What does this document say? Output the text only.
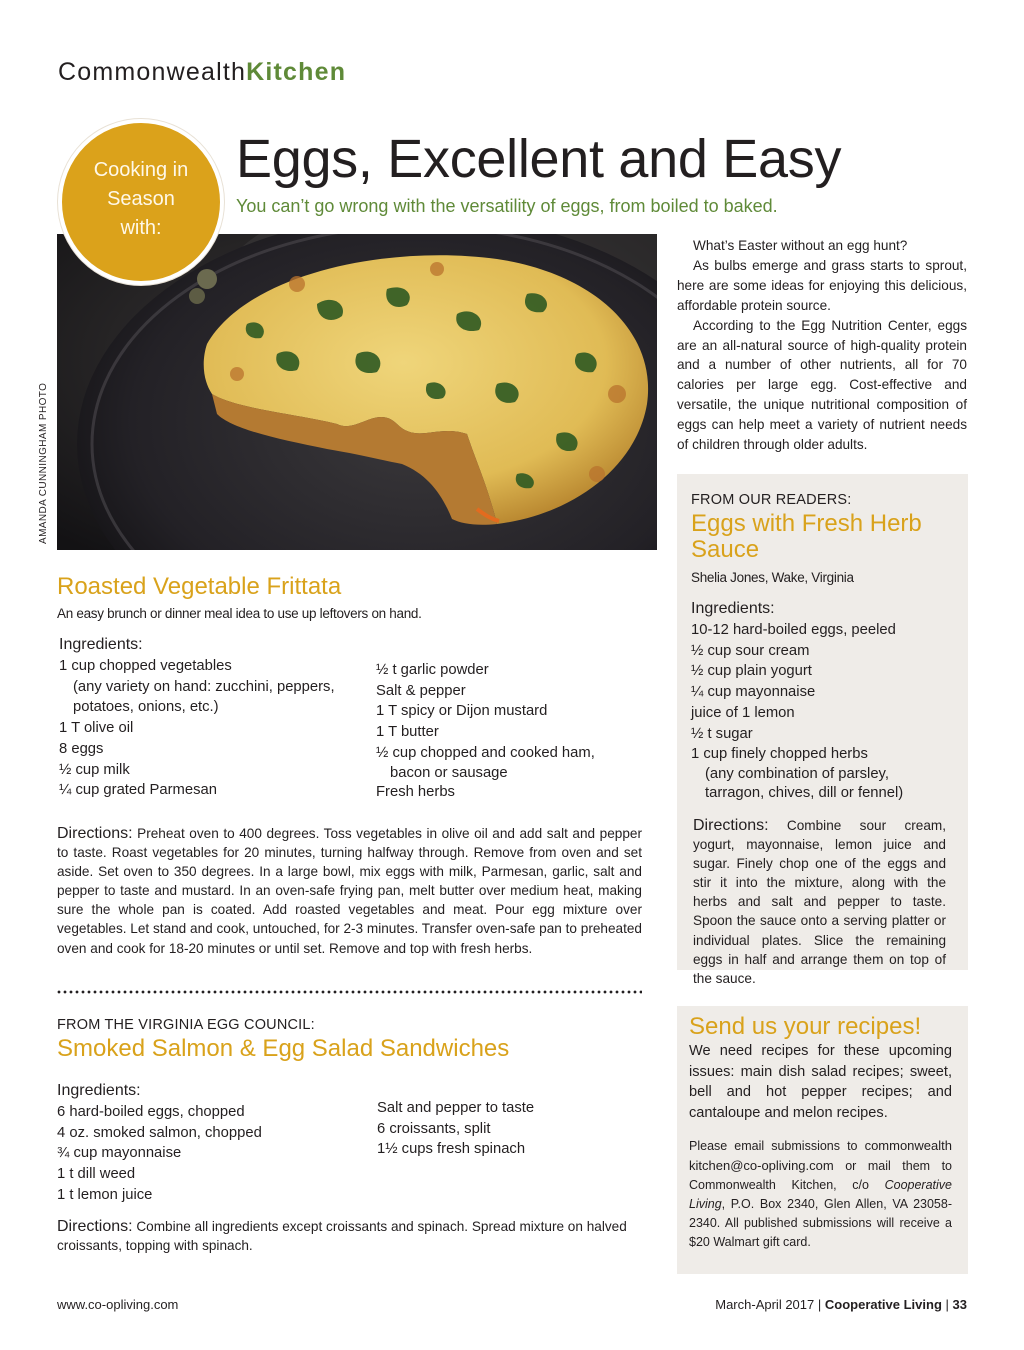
CommonwealthKitchen
Cooking in
Season
with:
Eggs, Excellent and Easy
You can’t go wrong with the versatility of eggs, from boiled to baked.
AMANDA CUNNINGHAM PHOTO

What’s Easter without an egg hunt?

As bulbs emerge and grass starts to sprout, here are some ideas for enjoying this delicious, affordable protein source.

According to the Egg Nutrition Center, eggs are an all-natural source of high-quality protein and a number of other nutrients, all for 70 calories per large egg. Cost-effective and versatile, the unique nutritional composition of eggs can help meet a variety of nutrient needs of children through older adults.

Roasted Vegetable Frittata
An easy brunch or dinner meal idea to use up leftovers on hand.
Ingredients:
1 cup chopped vegetables
(any variety on hand: zucchini, peppers,
potatoes, onions, etc.)
1 T olive oil
8 eggs
½ cup milk
¼ cup grated Parmesan
½ t garlic powder
Salt & pepper
1 T spicy or Dijon mustard
1 T butter
½ cup chopped and cooked ham,
bacon or sausage
Fresh herbs
Directions: Preheat oven to 400 degrees. Toss vegetables in olive oil and add salt and pepper to taste. Roast vegetables for 20 minutes, turning halfway through. Remove from oven and set aside. Set oven to 350 degrees. In a large bowl, mix eggs with milk, Parmesan, garlic, salt and pepper to taste and mustard. In an oven-safe frying pan, melt butter over medium heat, making sure the whole pan is coated. Add roasted vegetables and meat. Pour egg mixture over vegetables. Let stand and cook, untouched, for 2-3 minutes. Transfer oven-safe pan to preheated oven and cook for 18-20 minutes or until set. Remove and top with fresh herbs.
FROM THE VIRGINIA EGG COUNCIL:
Smoked Salmon & Egg Salad Sandwiches
Ingredients:
6 hard-boiled eggs, chopped
4 oz. smoked salmon, chopped
¾ cup mayonnaise
1 t dill weed
1 t lemon juice
Salt and pepper to taste
6 croissants, split
1½ cups fresh spinach
Directions: Combine all ingredients except croissants and spinach. Spread mixture on halved croissants, topping with spinach.
FROM OUR READERS:
Eggs with Fresh Herb Sauce
Shelia Jones, Wake, Virginia
Ingredients:
10-12 hard-boiled eggs, peeled
½ cup sour cream
½ cup plain yogurt
¼ cup mayonnaise
juice of 1 lemon
½ t sugar
1 cup finely chopped herbs
(any combination of parsley,
tarragon, chives, dill or fennel)
Directions: Combine sour cream, yogurt, mayonnaise, lemon juice and sugar. Finely chop one of the eggs and stir it into the mixture, along with the herbs and salt and pepper to taste. Spoon the sauce onto a serving platter or individual plates. Slice the remaining eggs in half and arrange them on top of the sauce.
Send us your recipes!
We need recipes for these upcoming issues: main dish salad recipes; sweet, bell and hot pepper recipes; and cantaloupe and melon recipes.
Please email submissions to commonwealth kitchen@co-opliving.com or mail them to Commonwealth Kitchen, c/o Cooperative Living, P.O. Box 2340, Glen Allen, VA 23058-2340. All published submissions will receive a $20 Walmart gift card.
www.co-opliving.com	March-April 2017 | Cooperative Living | 33
